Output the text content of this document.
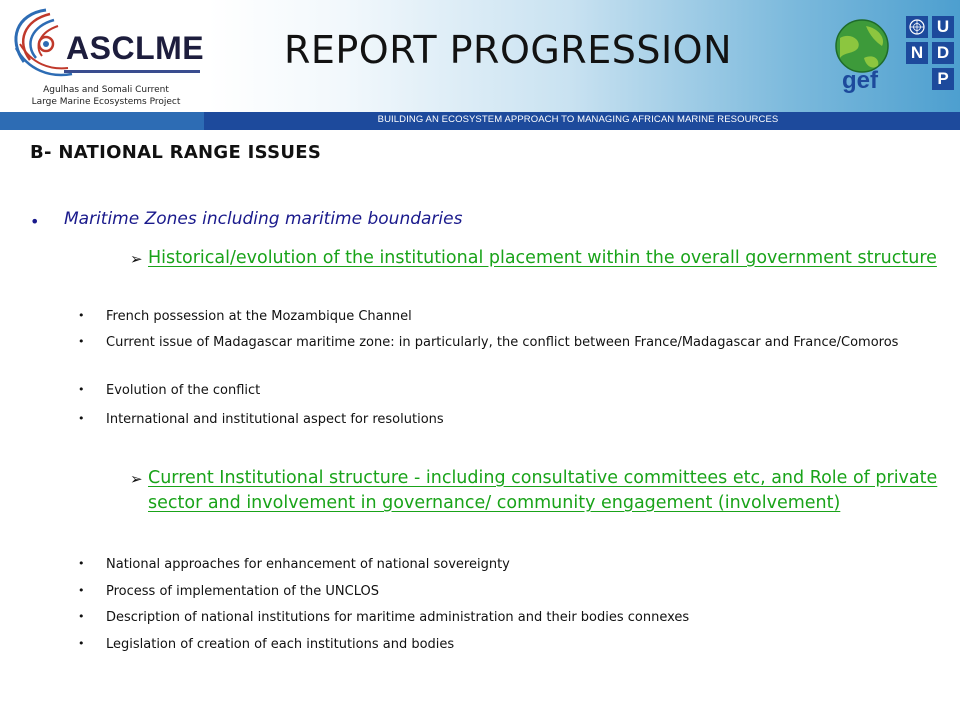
ASCLME
Agulhas and Somali Current
Large Marine Ecosystems Project
REPORT PROGRESSION
gef
U
N D
P
BUILDING AN ECOSYSTEM APPROACH TO MANAGING AFRICAN MARINE RESOURCES
B- NATIONAL RANGE ISSUES
• Maritime Zones including maritime boundaries
➢ Historical/evolution of the institutional placement within the overall government structure
• French possession at the Mozambique Channel
• Current issue of Madagascar maritime zone: in particularly, the conflict between France/Madagascar and France/Comoros
• Evolution of the conflict
• International and institutional aspect for resolutions
➢ Current Institutional structure - including consultative committees etc, and Role of private sector and involvement in governance/ community engagement (involvement)
• National approaches for enhancement of national sovereignty
• Process of implementation of the UNCLOS
• Description of national institutions for maritime administration and their bodies connexes
• Legislation of creation of each institutions and bodies
